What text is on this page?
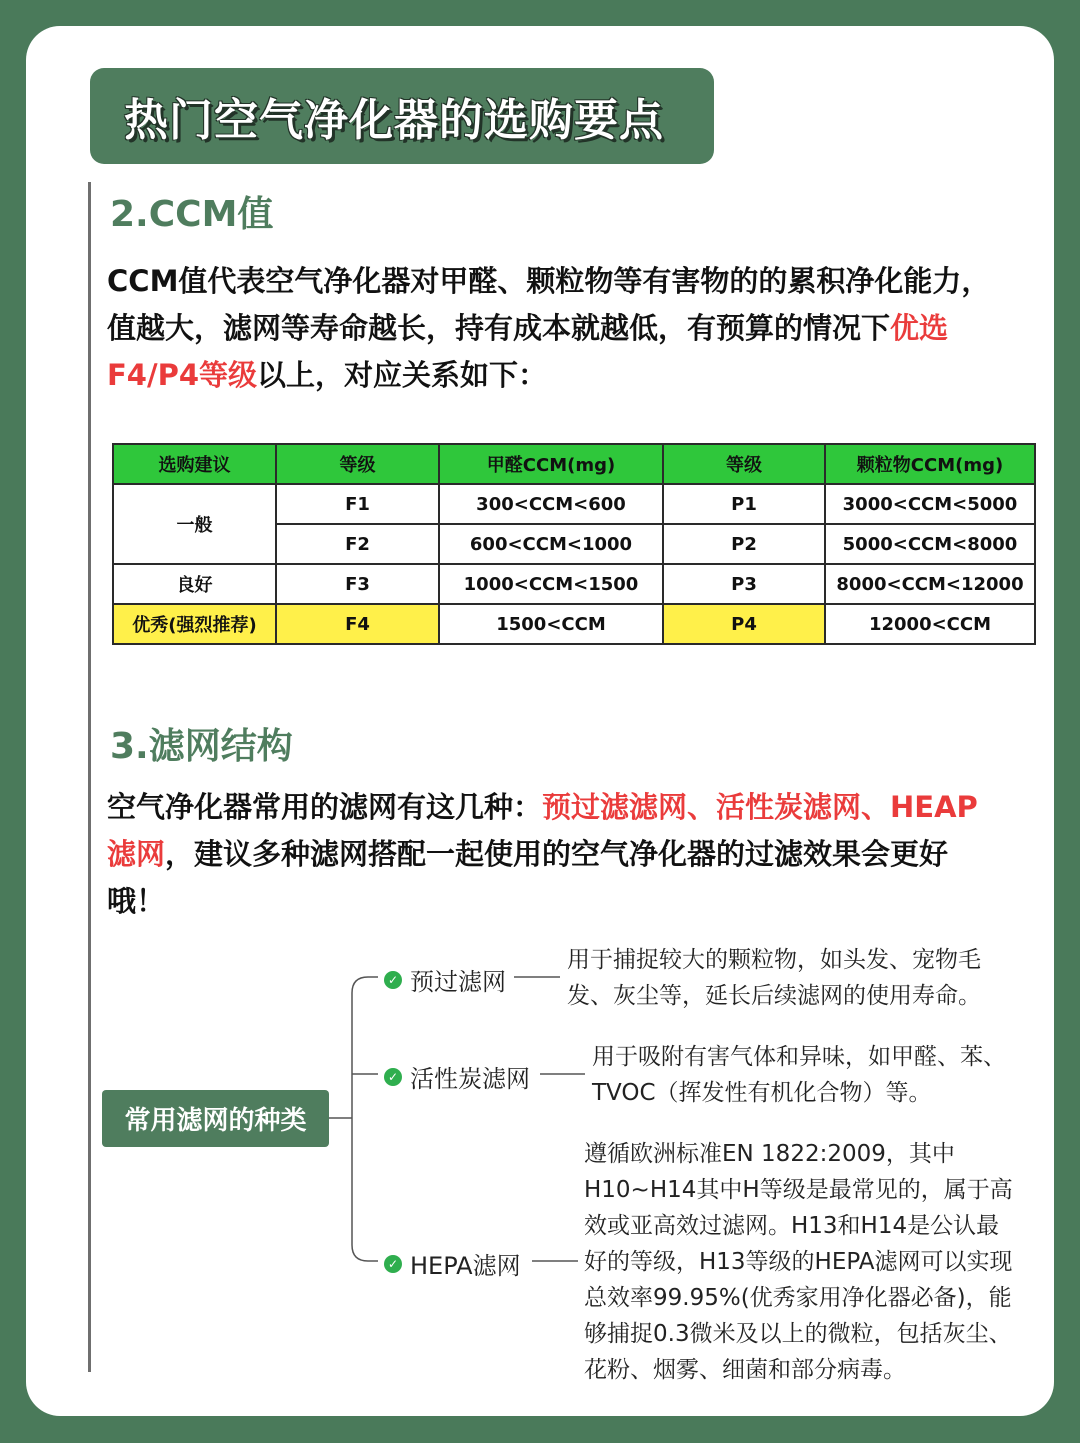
热门空气净化器的选购要点
2.CCM值
CCM值代表空气净化器对甲醛、颗粒物等有害物的的累积净化能力，
值越大，滤网等寿命越长，持有成本就越低，有预算的情况下优选
F4/P4等级以上，对应关系如下：
选购建议	等级	甲醛CCM(mg)	等级	颗粒物CCM(mg)
一般	F1	300<CCM<600	P1	3000<CCM<5000
	F2	600<CCM<1000	P2	5000<CCM<8000
良好	F3	1000<CCM<1500	P3	8000<CCM<12000
优秀(强烈推荐)	F4	1500<CCM	P4	12000<CCM
3.滤网结构
空气净化器常用的滤网有这几种：预过滤滤网、活性炭滤网、HEAP
滤网，建议多种滤网搭配一起使用的空气净化器的过滤效果会更好
哦！
常用滤网的种类
✓ 预过滤网
用于捕捉较大的颗粒物，如头发、宠物毛
发、灰尘等，延长后续滤网的使用寿命。
✓ 活性炭滤网
用于吸附有害气体和异味，如甲醛、苯、
TVOC（挥发性有机化合物）等。
✓ HEPA滤网
遵循欧洲标准EN 1822:2009，其中
H10~H14其中H等级是最常见的，属于高
效或亚高效过滤网。H13和H14是公认最
好的等级，H13等级的HEPA滤网可以实现
总效率99.95%(优秀家用净化器必备)，能
够捕捉0.3微米及以上的微粒，包括灰尘、
花粉、烟雾、细菌和部分病毒。
